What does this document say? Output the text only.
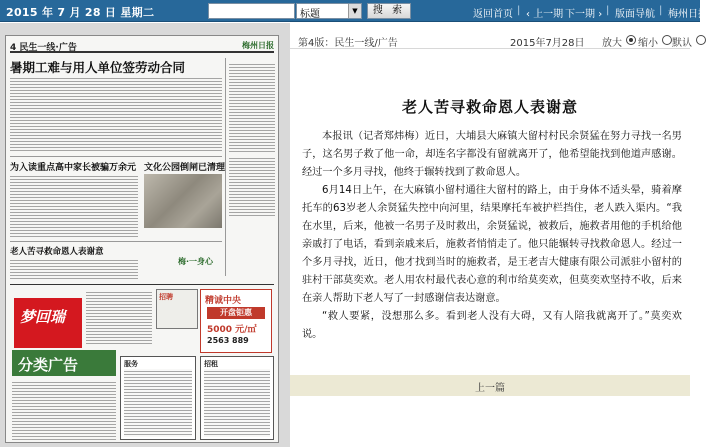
2015 年 7 月 28 日 星期二	标题	▼	搜 索	返回首页 | ‹ 上一期 下一期 › | 版面导航 | 梅州日报
4 民生一线·广告	梅州日报
暑期工难与用人单位签劳动合同
为入读重点高中家长被骗万余元 文化公园倒闸已清理
老人苦寻救命恩人表谢意
梅·一身心
梦回瑞
招聘	精诚中央
开盘钜惠
5000 元/㎡
2563 889
分类广告	服务	招租
第4版：民生一线/广告	2015年7月28日 放大 缩小 默认
老人苦寻救命恩人表谢意

本报讯（记者郑炜梅）近日，大埔县大麻镇大留村村民余贤猛在努力寻找一名男子，这名男子救了他一命，却连名字都没有留就离开了，他希望能找到他道声感谢。经过一个多月寻找，他终于辗转找到了救命恩人。

6月14日上午，在大麻镇小留村通往大留村的路上，由于身体不适头晕，骑着摩托车的63岁老人余贤猛失控中向河里，结果摩托车被护栏挡住，老人跌入渠内。“我在水里，后来，他被一名男子及时救出，余贤猛说，被救后，施救者用他的手机给他亲戚打了电话，看到亲戚来后，施救者悄悄走了。他只能辗转寻找救命恩人。经过一个多月寻找，近日，他才找到当时的施救者，是王老吉大健康有限公司派驻小留村的驻村干部莫奕欢。老人用农村最代表心意的利市给莫奕欢，但莫奕欢坚持不收，后来在亲人帮助下老人写了一封感谢信表达谢意。

“救人要紧，没想那么多。看到老人没有大碍，又有人陪我就离开了。”莫奕欢说。

上一篇
